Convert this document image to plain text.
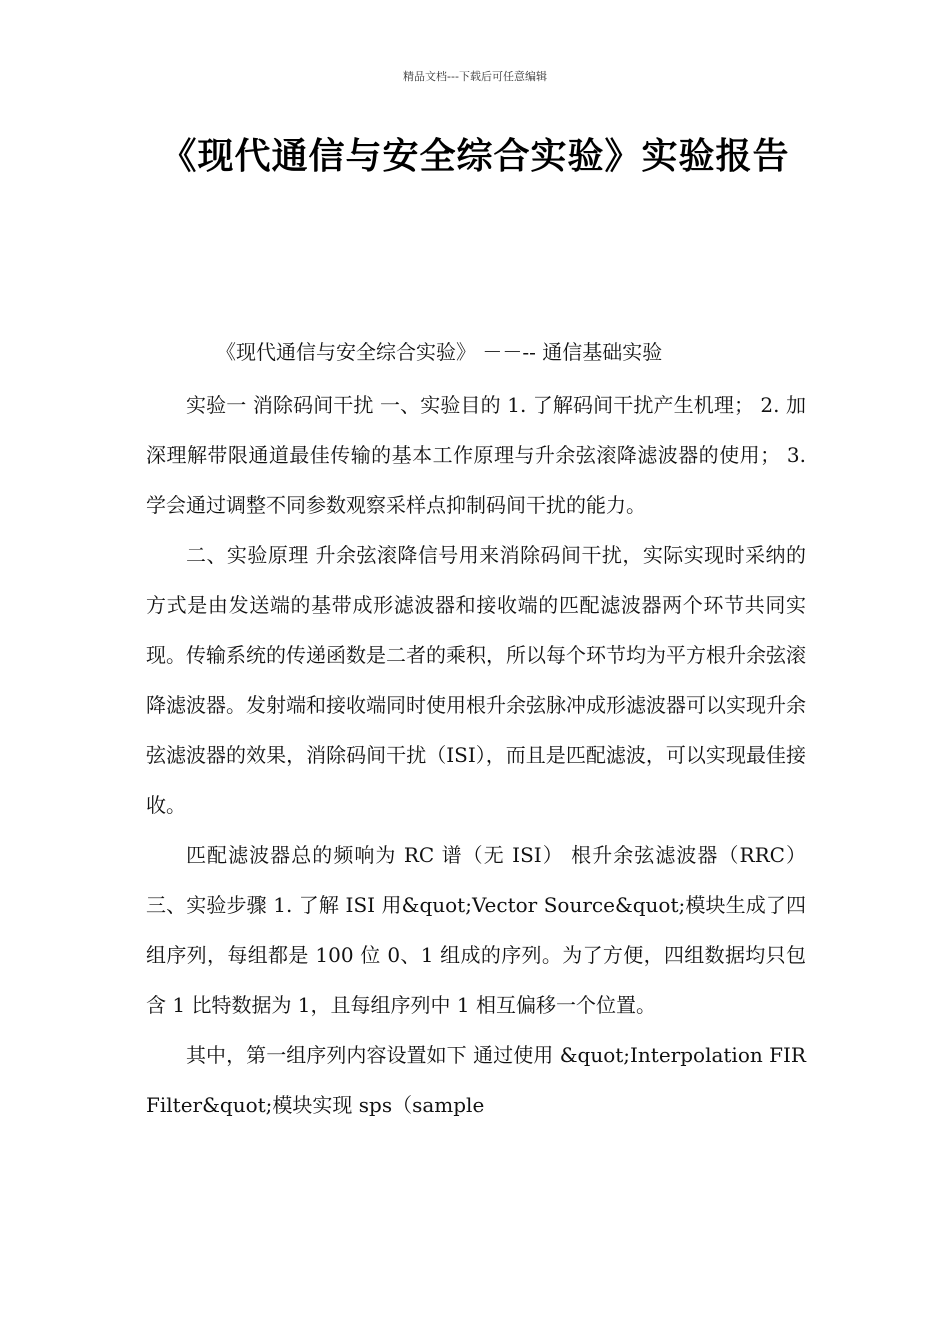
精品文档---下载后可任意编辑
《现代通信与安全综合实验》实验报告
《现代通信与安全综合实验》 －－-- 通信基础实验

实验一 消除码间干扰 一、实验目的 1. 了解码间干扰产生机理； 2. 加深理解带限通道最佳传输的基本工作原理与升余弦滚降滤波器的使用； 3. 学会通过调整不同参数观察采样点抑制码间干扰的能力。

二、实验原理 升余弦滚降信号用来消除码间干扰，实际实现时采纳的方式是由发送端的基带成形滤波器和接收端的匹配滤波器两个环节共同实现。传输系统的传递函数是二者的乘积，所以每个环节均为平方根升余弦滚降滤波器。发射端和接收端同时使用根升余弦脉冲成形滤波器可以实现升余弦滤波器的效果，消除码间干扰（ISI），而且是匹配滤波，可以实现最佳接收。

匹配滤波器总的频响为 RC 谱（无 ISI） 根升余弦滤波器（RRC） 三、实验步骤 1. 了解 ISI 用&quot;Vector Source&quot;模块生成了四组序列，每组都是 100 位 0、1 组成的序列。为了方便，四组数据均只包含 1 比特数据为 1，且每组序列中 1 相互偏移一个位置。

其中，第一组序列内容设置如下 通过使用 &quot;Interpolation FIR Filter&quot;模块实现 sps（sample
